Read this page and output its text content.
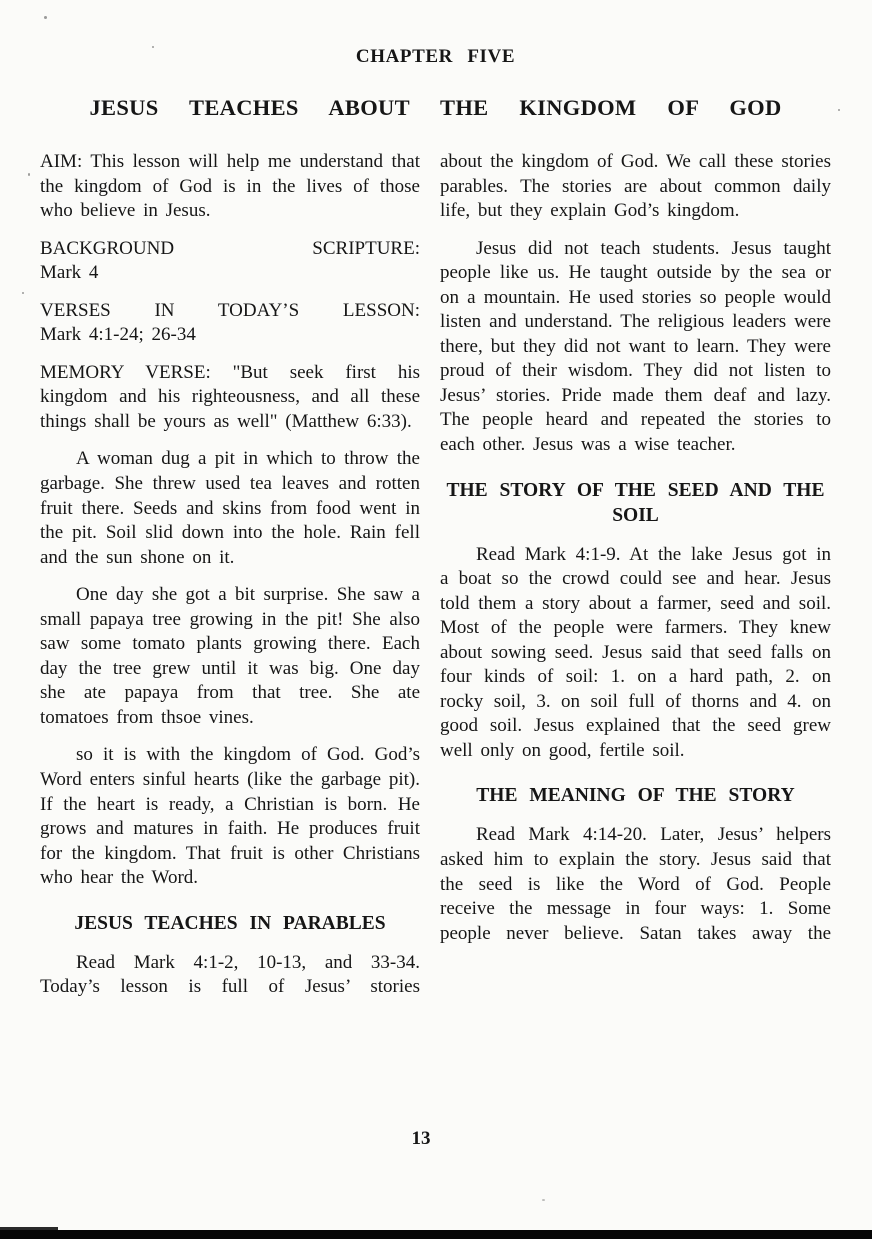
CHAPTER FIVE
JESUS TEACHES ABOUT THE KINGDOM OF GOD

AIM: This lesson will help me understand that the kingdom of God is in the lives of those who believe in Jesus.

BACKGROUND SCRIPTURE:
Mark 4

VERSES IN TODAY’S LESSON:
Mark 4:1-24; 26-34

MEMORY VERSE: "But seek first his kingdom and his righteousness, and all these things shall be yours as well" (Matthew 6:33).

A woman dug a pit in which to throw the garbage. She threw used tea leaves and rotten fruit there. Seeds and skins from food went in the pit. Soil slid down into the hole. Rain fell and the sun shone on it.

One day she got a bit surprise. She saw a small papaya tree growing in the pit! She also saw some tomato plants growing there. Each day the tree grew until it was big. One day she ate papaya from that tree. She ate tomatoes from thsoe vines.

so it is with the kingdom of God. God’s Word enters sinful hearts (like the garbage pit). If the heart is ready, a Christian is born. He grows and matures in faith. He produces fruit for the kingdom. That fruit is other Christians who hear the Word.

JESUS TEACHES IN PARABLES

Read Mark 4:1-2, 10-13, and 33-34. Today’s lesson is full of Jesus’ stories

about the kingdom of God. We call these stories parables. The stories are about common daily life, but they explain God’s kingdom.

Jesus did not teach students. Jesus taught people like us. He taught outside by the sea or on a mountain. He used stories so people would listen and understand. The religious leaders were there, but they did not want to learn. They were proud of their wisdom. They did not listen to Jesus’ stories. Pride made them deaf and lazy. The people heard and repeated the stories to each other. Jesus was a wise teacher.

THE STORY OF THE SEED AND THE SOIL

Read Mark 4:1-9. At the lake Jesus got in a boat so the crowd could see and hear. Jesus told them a story about a farmer, seed and soil. Most of the people were farmers. They knew about sowing seed. Jesus said that seed falls on four kinds of soil: 1. on a hard path, 2. on rocky soil, 3. on soil full of thorns and 4. on good soil. Jesus explained that the seed grew well only on good, fertile soil.

THE MEANING OF THE STORY

Read Mark 4:14-20. Later, Jesus’ helpers asked him to explain the story. Jesus said that the seed is like the Word of God. People receive the message in four ways: 1. Some people never believe. Satan takes away the

13
